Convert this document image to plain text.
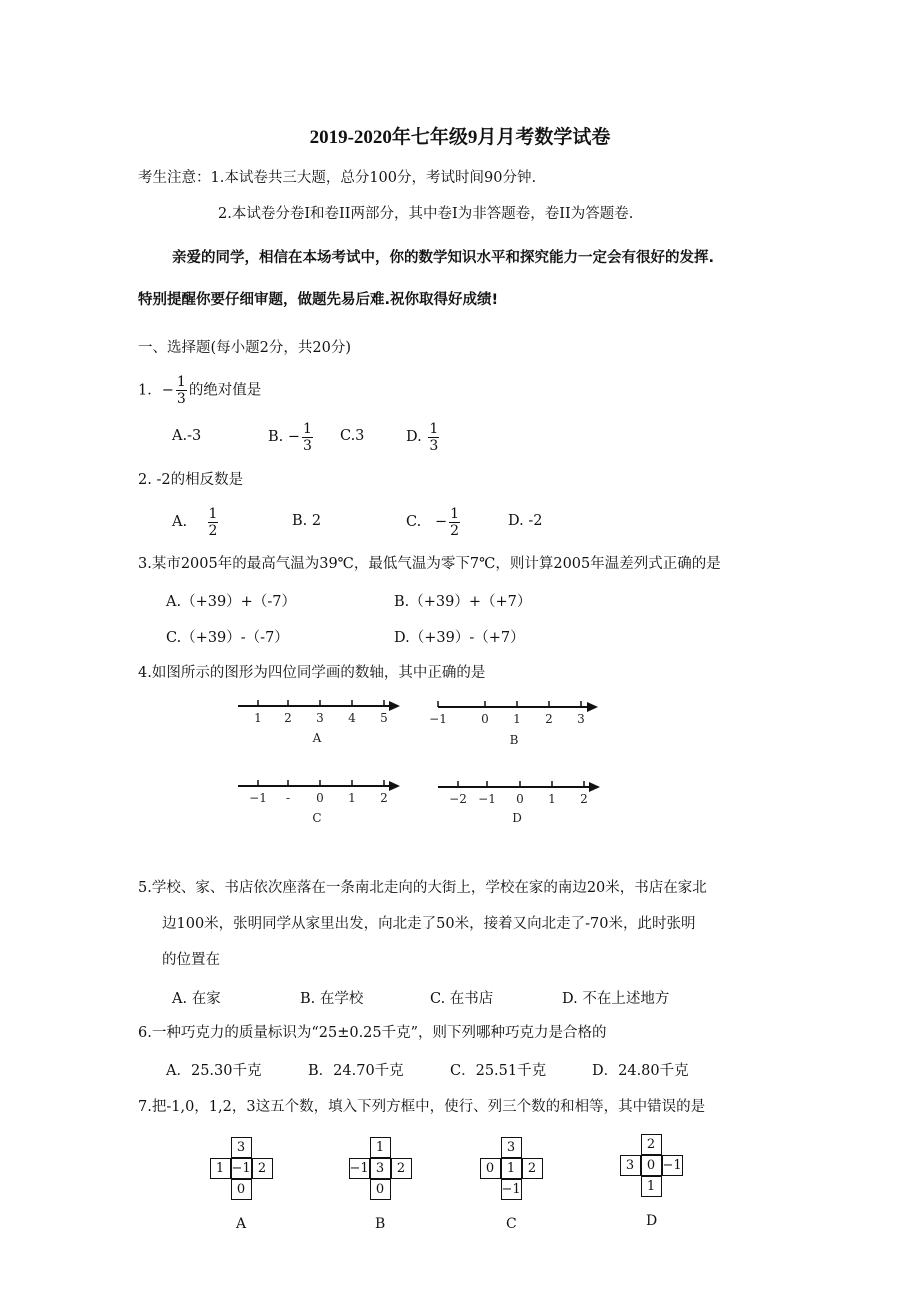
2019-2020年七年级9月月考数学试卷
考生注意：1.本试卷共三大题，总分100分，考试时间90分钟.
2.本试卷分卷I和卷II两部分，其中卷I为非答题卷，卷II为答题卷.
亲爱的同学，相信在本场考试中，你的数学知识水平和探究能力一定会有很好的发挥.
特别提醒你要仔细审题，做题先易后难.祝你取得好成绩!
一、选择题(每小题2分，共20分)
1．− $\frac{1}{3}$ 的绝对值是
A.-3	B. − $\frac{1}{3} C.3$	D. $\frac{1}{3}$
2. -2的相反数是
A. $\frac{1}{2}$	B. 2	C. − $\frac{1}{2}$	D. -2
3.某市2005年的最高气温为39℃，最低气温为零下7℃，则计算2005年温差列式正确的是
A.（+39）+（-7）	B.（+39）+（+7）
C.（+39）-（-7）	D.（+39）-（+7）
4.如图所示的图形为四位同学画的数轴，其中正确的是
1 2 3 4 5
A
−1	0 1 2 3
B
−1 - 0 1 2
C
−2 −1 0 1 2
D
5.学校、家、书店依次座落在一条南北走向的大街上，学校在家的南边20米，书店在家北
边100米，张明同学从家里出发，向北走了50米，接着又向北走了-70米，此时张明
的位置在
A. 在家	B. 在学校	C. 在书店	D. 不在上述地方
6.一种巧克力的质量标识为“25±0.25千克”，则下列哪种巧克力是合格的
A．25.30千克	B．24.70千克	C．25.51千克	D．24.80千克
7.把-1,0，1,2，3这五个数，填入下列方框中，使行、列三个数的和相等，其中错误的是
3
1 −1 2
0
A
1
−1 3 2
0
B
3
0 1 2
−1
C
2
3 0 −1
1
D
